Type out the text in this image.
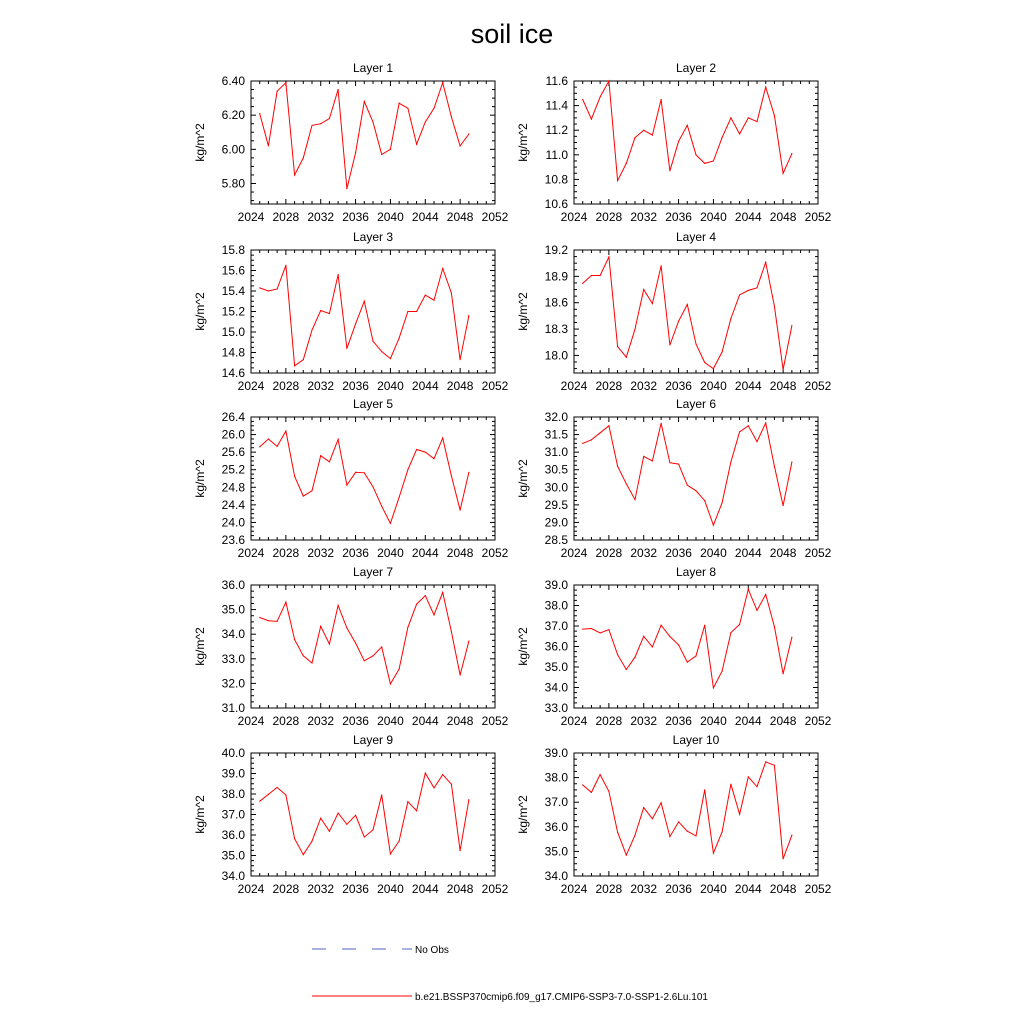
soil ice
Layer 1
kg/m^2
2024 2028 2032 2036 2040 2044 2048 2052
5.80
6.00
6.20
6.40
Layer 2
kg/m^2
2024 2028 2032 2036 2040 2044 2048 2052
10.6
10.8
11.0
11.2
11.4
11.6
Layer 3
kg/m^2
2024 2028 2032 2036 2040 2044 2048 2052
14.6
14.8
15.0
15.2
15.4
15.6
15.8
Layer 4
kg/m^2
2024 2028 2032 2036 2040 2044 2048 2052
18.0
18.3
18.6
18.9
19.2
Layer 5
kg/m^2
2024 2028 2032 2036 2040 2044 2048 2052
23.6
24.0
24.4
24.8
25.2
25.6
26.0
26.4
Layer 6
kg/m^2
2024 2028 2032 2036 2040 2044 2048 2052
28.5
29.0
29.5
30.0
30.5
31.0
31.5
32.0
Layer 7
kg/m^2
2024 2028 2032 2036 2040 2044 2048 2052
31.0
32.0
33.0
34.0
35.0
36.0
Layer 8
kg/m^2
2024 2028 2032 2036 2040 2044 2048 2052
33.0
34.0
35.0
36.0
37.0
38.0
39.0
Layer 9
kg/m^2
2024 2028 2032 2036 2040 2044 2048 2052
34.0
35.0
36.0
37.0
38.0
39.0
40.0
Layer 10
kg/m^2
2024 2028 2032 2036 2040 2044 2048 2052
34.0
35.0
36.0
37.0
38.0
39.0
No Obs
b.e21.BSSP370cmip6.f09_g17.CMIP6-SSP3-7.0-SSP1-2.6Lu.101
